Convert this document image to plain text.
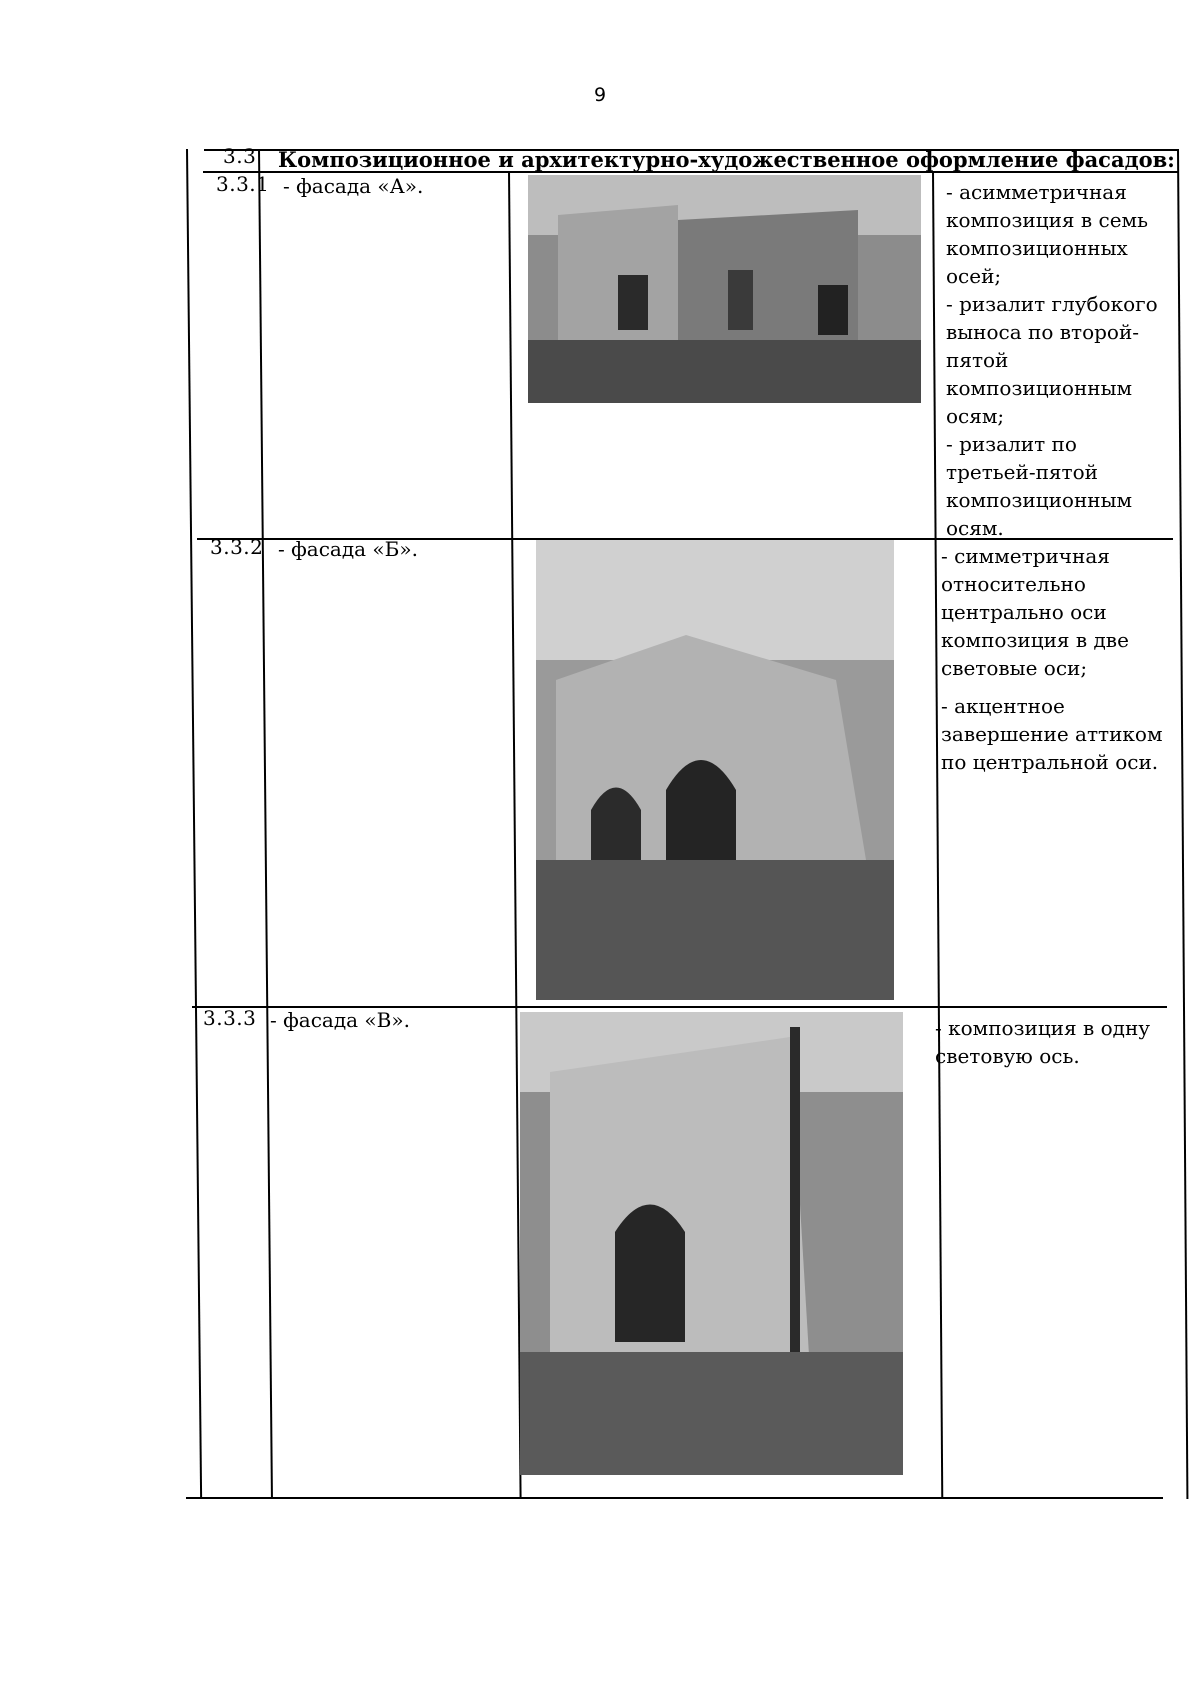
9
3.3 Композиционное и архитектурно-художественное оформление фасадов:
3.3.1 - фасада «А».	- асимметричная композиция в семь композиционных осей;

- ризалит глубокого выноса по второй-пятой композиционным осям;

- ризалит по третьей-пятой композиционным осям.

3.3.2 - фасада «Б».	- симметричная относительно центрально оси композиция в две световые оси;

- акцентное завершение аттиком по центральной оси.

3.3.3 - фасада «В».	- композиция в одну световую ось.
